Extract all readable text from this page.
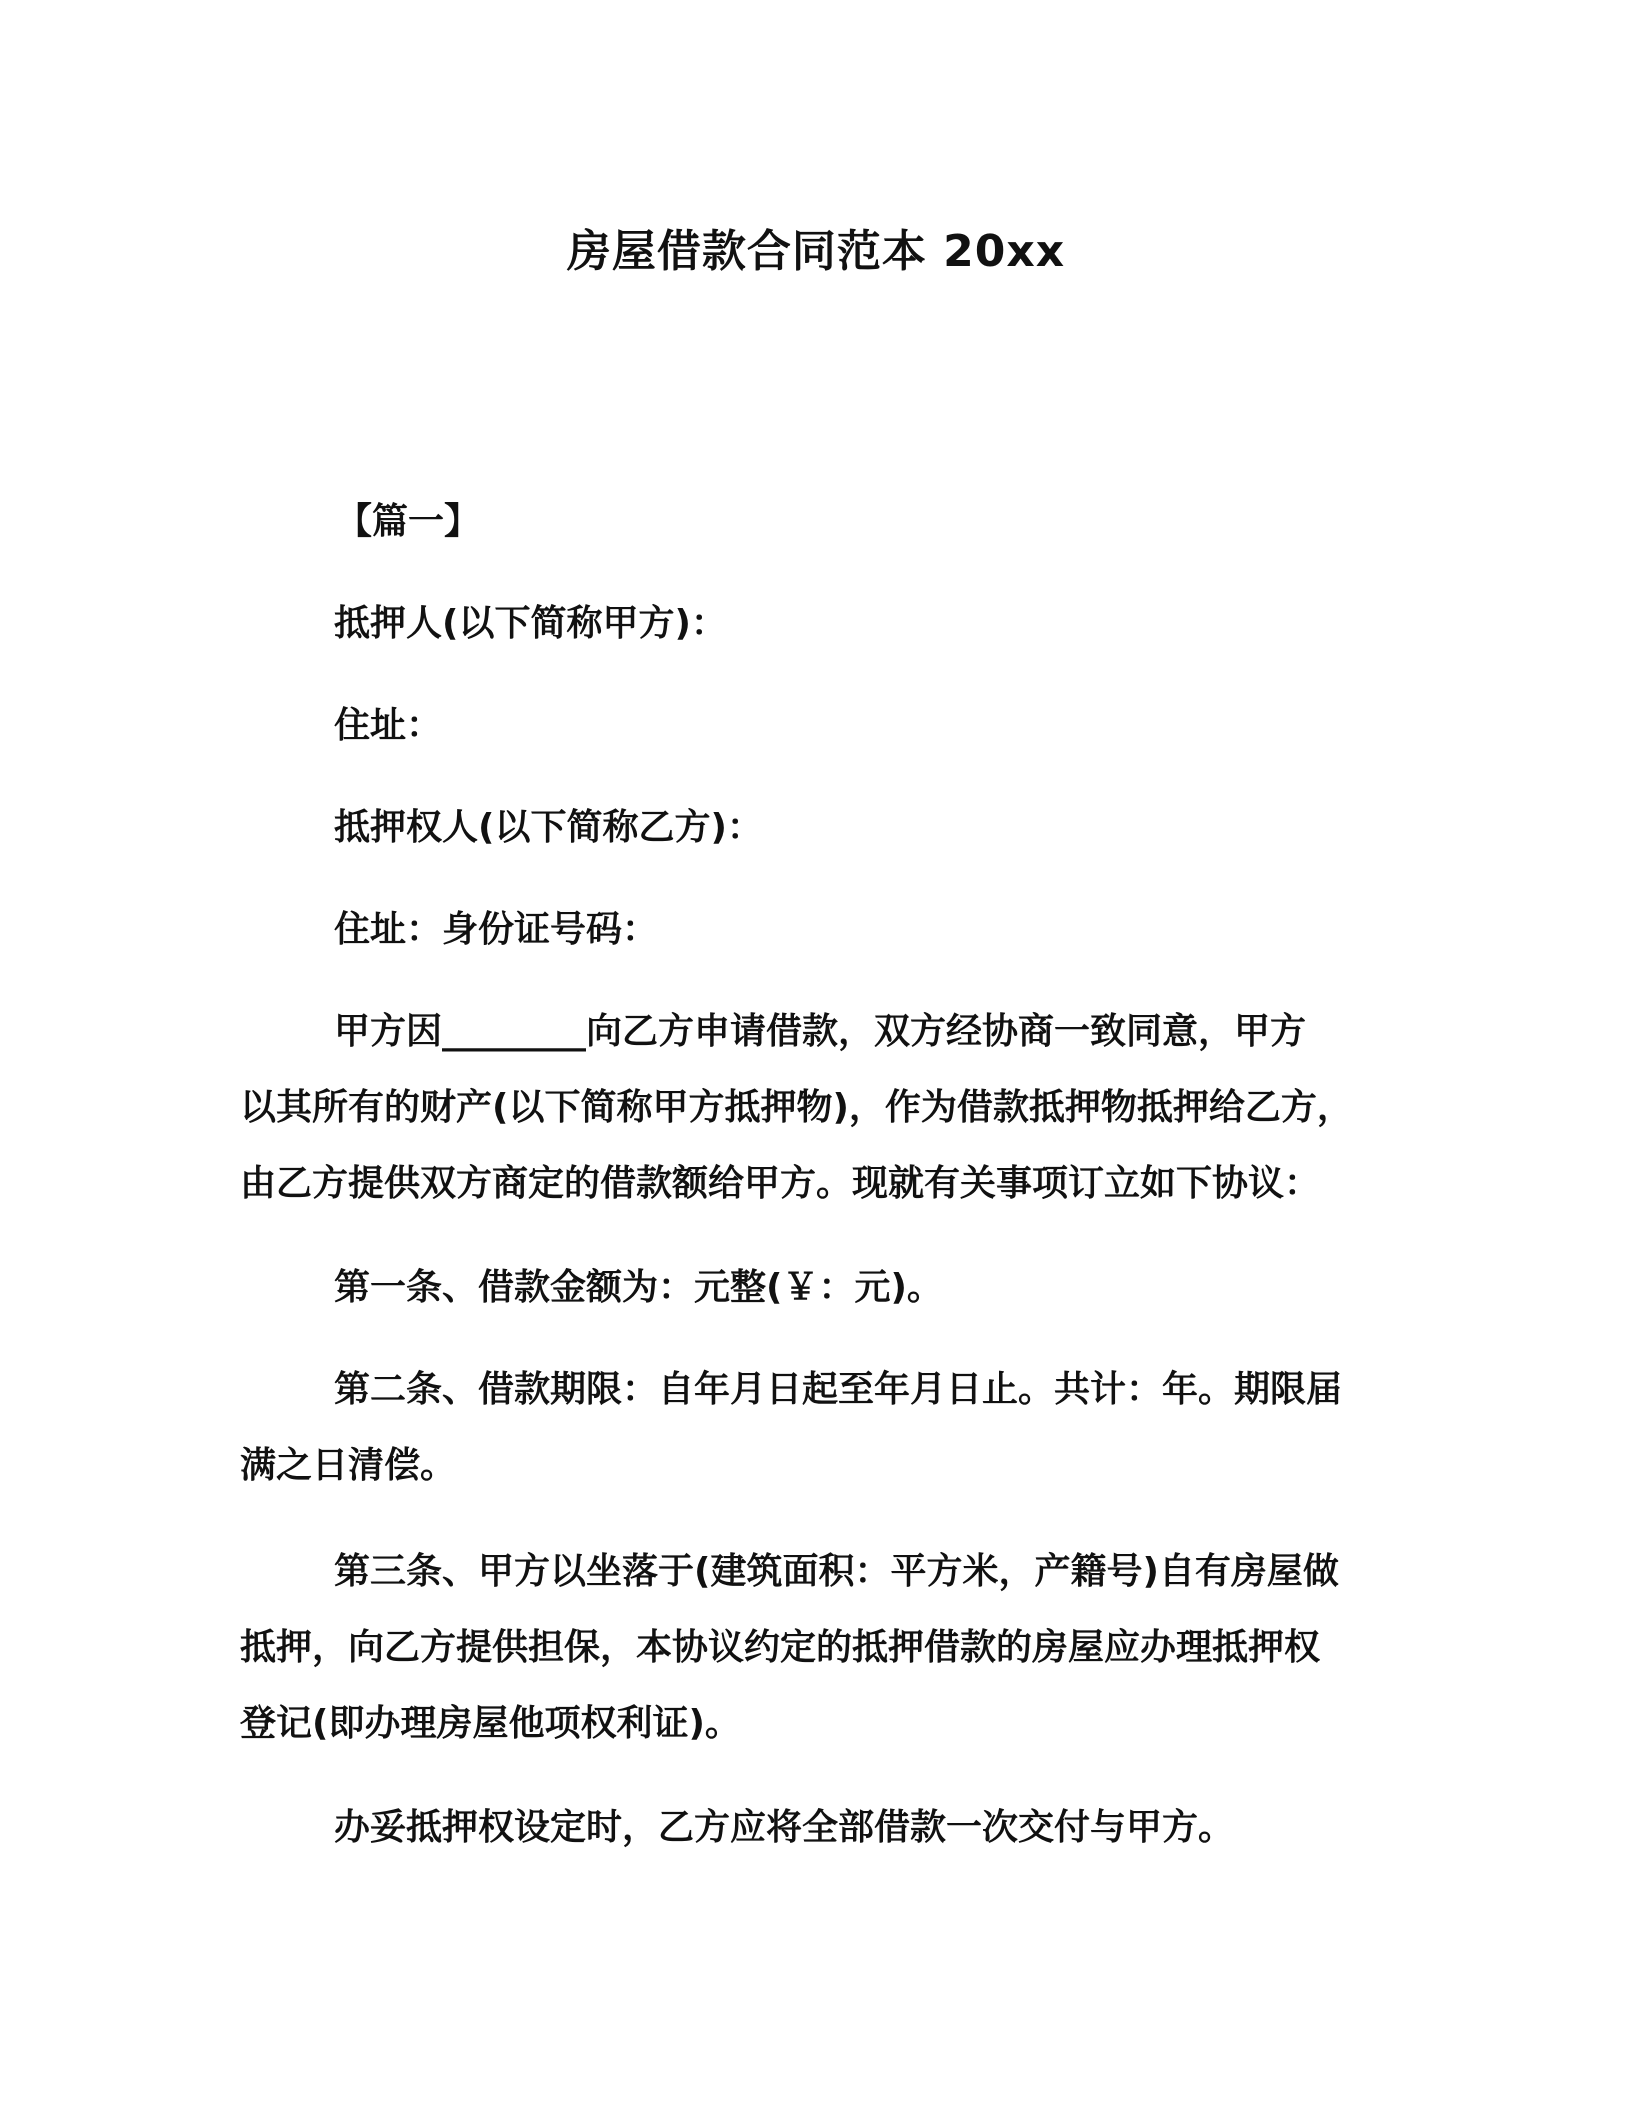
房屋借款合同范本 20xx

【篇一】

抵押人(以下简称甲方)：

住址：

抵押权人(以下简称乙方)：

住址：身份证号码：

甲方因________向乙方申请借款，双方经协商一致同意，甲方

以其所有的财产(以下简称甲方抵押物)，作为借款抵押物抵押给乙方，

由乙方提供双方商定的借款额给甲方。现就有关事项订立如下协议：

第一条、借款金额为：元整(￥：元)。

第二条、借款期限：自年月日起至年月日止。共计：年。期限届

满之日清偿。

第三条、甲方以坐落于(建筑面积：平方米，产籍号)自有房屋做

抵押，向乙方提供担保，本协议约定的抵押借款的房屋应办理抵押权

登记(即办理房屋他项权利证)。

办妥抵押权设定时，乙方应将全部借款一次交付与甲方。
